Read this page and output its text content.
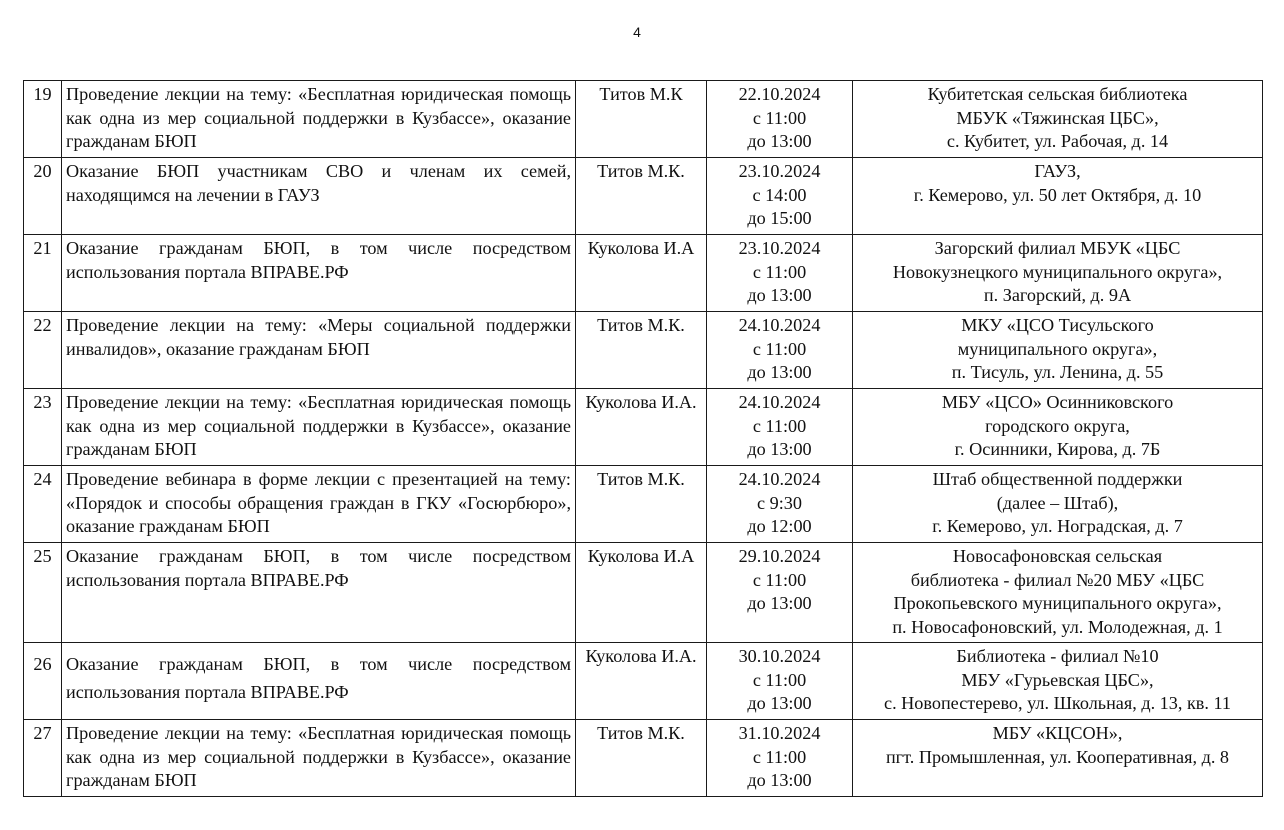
4
19	Проведение лекции на тему: «Бесплатная юридическая помощь как одна из мер социальной поддержки в Кузбассе», оказание гражданам БЮП	Титов М.К	22.10.2024
с 11:00
до 13:00	Кубитетская сельская библиотека
МБУК «Тяжинская ЦБС»,
с. Кубитет, ул. Рабочая, д. 14

20	Оказание БЮП участникам СВО и членам их семей, находящимся на лечении в ГАУЗ	Титов М.К.	23.10.2024
с 14:00
до 15:00	ГАУЗ,
г. Кемерово, ул. 50 лет Октября, д. 10

21	Оказание гражданам БЮП, в том числе посредством использования портала ВПРАВЕ.РФ	Куколова И.А	23.10.2024
с 11:00
до 13:00	Загорский филиал МБУК «ЦБС
Новокузнецкого муниципального округа»,
п. Загорский, д. 9А

22	Проведение лекции на тему: «Меры социальной поддержки инвалидов», оказание гражданам БЮП	Титов М.К.	24.10.2024
с 11:00
до 13:00	МКУ «ЦСО Тисульского
муниципального округа»,
п. Тисуль, ул. Ленина, д. 55

23	Проведение лекции на тему: «Бесплатная юридическая помощь как одна из мер социальной поддержки в Кузбассе», оказание гражданам БЮП	Куколова И.А.	24.10.2024
с 11:00
до 13:00	МБУ «ЦСО» Осинниковского
городского округа,
г. Осинники, Кирова, д. 7Б

24	Проведение вебинара в форме лекции с презентацией на тему: «Порядок и способы обращения граждан в ГКУ «Госюрбюро», оказание гражданам БЮП	Титов М.К.	24.10.2024
с 9:30
до 12:00	Штаб общественной поддержки
(далее – Штаб),
г. Кемерово, ул. Ноградская, д. 7

25	Оказание гражданам БЮП, в том числе посредством использования портала ВПРАВЕ.РФ	Куколова И.А	29.10.2024
с 11:00
до 13:00	Новосафоновская сельская
библиотека - филиал №20 МБУ «ЦБС
Прокопьевского муниципального округа»,
п. Новосафоновский, ул. Молодежная, д. 1

26	Оказание гражданам БЮП, в том числе посредством использования портала ВПРАВЕ.РФ	Куколова И.А.	30.10.2024
с 11:00
до 13:00	Библиотека - филиал №10
МБУ «Гурьевская ЦБС»,
с. Новопестерево, ул. Школьная, д. 13, кв. 11

27	Проведение лекции на тему: «Бесплатная юридическая помощь как одна из мер социальной поддержки в Кузбассе», оказание гражданам БЮП	Титов М.К.	31.10.2024
с 11:00
до 13:00	МБУ «КЦСОН»,
пгт. Промышленная, ул. Кооперативная, д. 8
